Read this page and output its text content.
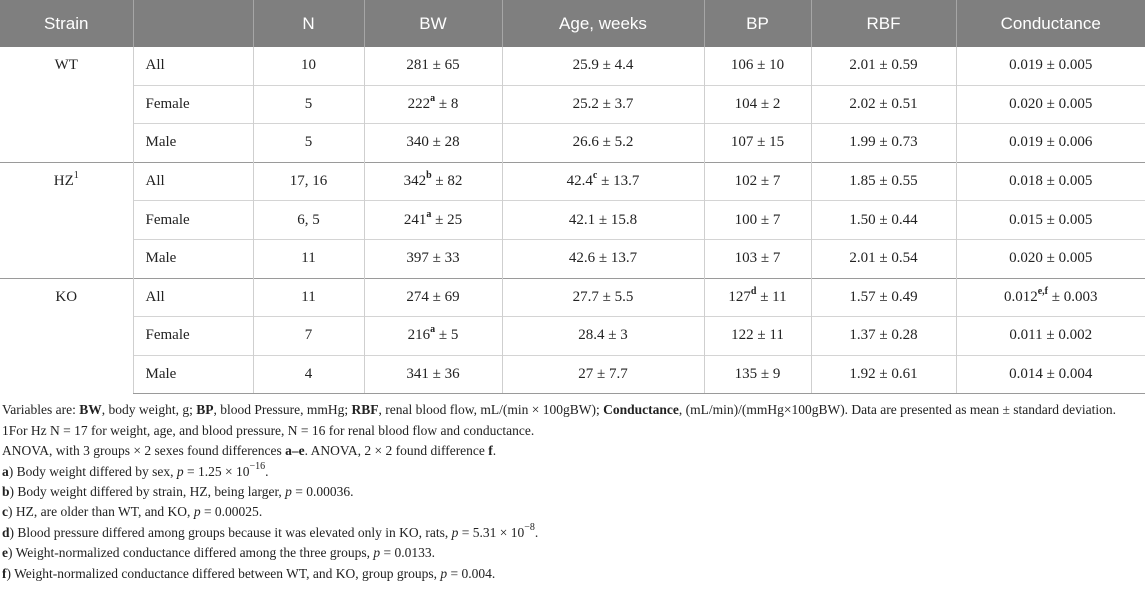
Strain		N	BW	Age, weeks	BP	RBF	Conductance
WT	All	10	281 ± 65	25.9 ± 4.4	106 ± 10	2.01 ± 0.59	0.019 ± 0.005
	Female	5	$222^a \pm 8$	25.2 ± 3.7	104 ± 2	2.02 ± 0.51	0.020 ± 0.005
	Male	5	340 ± 28	26.6 ± 5.2	107 ± 15	1.99 ± 0.73	0.019 ± 0.006
$HZ^1$	All	17, 16	$342^b \pm 82$	42.4$^c$ ± 13.7	102 ± 7	1.85 ± 0.55	0.018 ± 0.005
	Female	6, 5	$241^a \pm 25$	42.1 ± 15.8	100 ± 7	1.50 ± 0.44	0.015 ± 0.005
	Male	11	397 ± 33	42.6 ± 13.7	103 ± 7	2.01 ± 0.54	0.020 ± 0.005
KO	All	11	274 ± 69	27.7 ± 5.5	$127^d \pm 11$	1.57 ± 0.49	$0.012^{e,f} \pm 0.003$
	Female	7	$216^a \pm 5$	28.4 ± 3	122 ± 11	1.37 ± 0.28	0.011 ± 0.002
	Male	4	341 ± 36	27 ± 7.7	135 ± 9	1.92 ± 0.61	0.014 ± 0.004

Variables are: BW, body weight, g; BP, blood Pressure, mmHg; RBF, renal blood flow, mL/(min × 100gBW); Conductance, (mL/min)/(mmHg×100gBW). Data are presented as mean ± standard deviation.

1For Hz N = 17 for weight, age, and blood pressure, N = 16 for renal blood flow and conductance.

ANOVA, with 3 groups × 2 sexes found differences a–e. ANOVA, 2 × 2 found difference f.

a) Body weight differed by sex, $p = 1.25 \times 10^{-16}$.

b) Body weight differed by strain, HZ, being larger, p = 0.00036.

c) HZ, are older than WT, and KO, p = 0.00025.

d) Blood pressure differed among groups because it was elevated only in KO, rats, $p = 5.31 \times 10^{-8}$.

e) Weight-normalized conductance differed among the three groups, p = 0.0133.

f) Weight-normalized conductance differed between WT, and KO, group groups, p = 0.004.
